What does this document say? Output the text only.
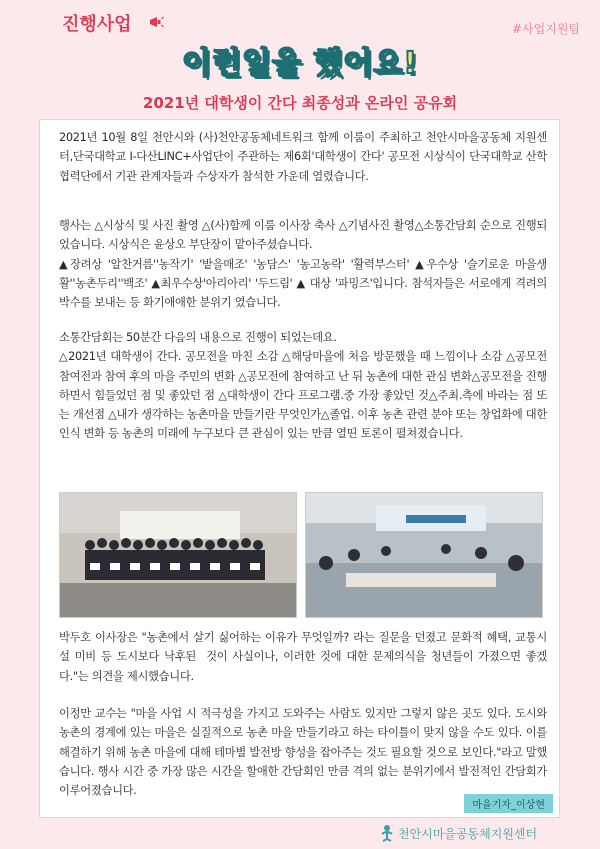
진행사업	#사업지원팀
이런일을 했어요!
2021년 대학생이 간다 최종성과 온라인 공유회
2021년 10월 8일 천안시와 (사)천안공동체네트워크 함께 이룸이 주최하고 천안시마을공동체 지원센터,단국대학교 I-다산LINC+사업단이 주관하는 제6회'대학생이 간다' 공모전 시상식이 단국대학교 산학협력단에서 기관 관계자들과 수상자가 참석한 가운데 열렸습니다.
행사는 △시상식 및 사진 촬영 △(사)함께 이룸 이사장 축사 △기념사진 촬영△소통간담회 순으로 진행되었습니다. 시상식은 윤상오 부단장이 맡아주셨습니다.
▲장려상 '알찬거름''농작기' '밭을매조' '농담스' '농고농락' '활력부스터' ▲우수상 '슬기로운 마을생활''농촌두리''백조' ▲최우수상'아리아리' '두드림' ▲ 대상 '파밍즈'입니다. 참석자들은 서로에게 격려의 박수를 보내는 등 화기애애한 분위기 였습니다.
소통간담회는 50분간 다음의 내용으로 진행이 되었는데요.
△2021년 대학생이 간다. 공모전을 마친 소감 △해당마을에 처음 방문했을 때 느낌이나 소감 △공모전 참여전과 참여 후의 마을 주민의 변화 △공모전에 참여하고 난 뒤 농촌에 대한 관심 변화△공모전을 진행하면서 힘들었던 점 및 좋았던 점 △대학생이 간다 프로그램.중 가장 좋았던 것△주최.측에 바라는 점 또는 개선점 △내가 생각하는 농촌마을 만들기란 무엇인가△졸업. 이후 농촌 관련 분야 또는 창업화에 대한 인식 변화 등 농촌의 미래에 누구보다 큰 관심이 있는 만큼 열띤 토론이 펼쳐졌습니다.
박두호 이사장은 "농촌에서 살기 싫어하는 이유가 무엇일까? 라는 질문을 던졌고 문화적 혜택, 교통시설 미비 등 도시보다 낙후된  것이 사실이나, 이러한 것에 대한 문제의식을 청년들이 가졌으면 좋겠다."는 의견을 제시했습니다.
이정만 교수는 "마을 사업 시 적극성을 가지고 도와주는 사람도 있지만 그렇지 않은 곳도 있다. 도시와 농촌의 경계에 있는 마을은 실질적으로 농촌 마을 만들기라고 하는 타이틀이 맞지 않을 수도 있다. 이를 해결하기 위해 농촌 마을에 대해 테마별 발전방 향성을 잡아주는 것도 필요할 것으로 보인다."라고 말했습니다. 행사 시간 중 가장 많은 시간을 할애한 간담회인 만큼 격의 없는 분위기에서 발전적인 간담회가 이루어졌습니다.
마을기자_이상현
천안시마을공동체지원센터
